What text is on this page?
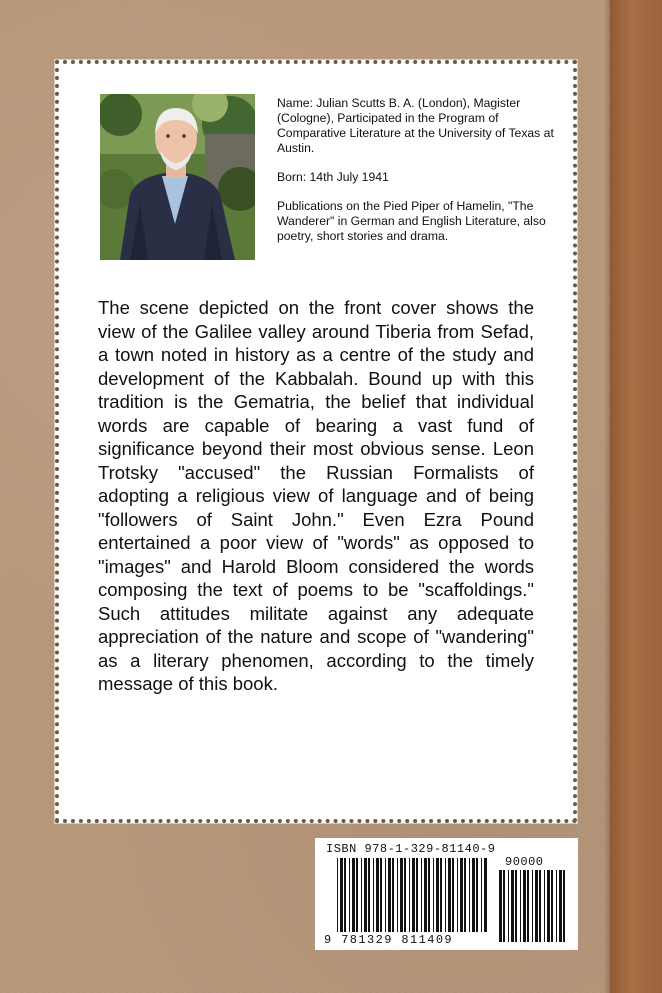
Name: Julian Scutts B. A. (London), Magister (Cologne), Participated in the Program of Comparative Literature at the University of Texas at Austin.

Born: 14th July 1941

Publications on the Pied Piper of Hamelin, "The Wanderer" in German and English Literature, also poetry, short stories and drama.

The scene depicted on the front cover shows the view of the Galilee valley around Tiberia from Sefad, a town noted in history as a centre of the study and development of the Kabbalah. Bound up with this tradition is the Gematria, the belief that individual words are capable of bearing a vast fund of significance beyond their most obvious sense. Leon Trotsky "accused" the Russian Formalists of adopting a religious view of language and of being "followers of Saint John." Even Ezra Pound entertained a poor view of "words" as opposed to "images" and Harold Bloom considered the words composing the text of poems to be "scaffoldings." Such attitudes militate against any adequate appreciation of the nature and scope of "wandering" as a literary phenomen, according to the timely message of this book.
ISBN 978-1-329-81140-9
90000
9 781329 811409
